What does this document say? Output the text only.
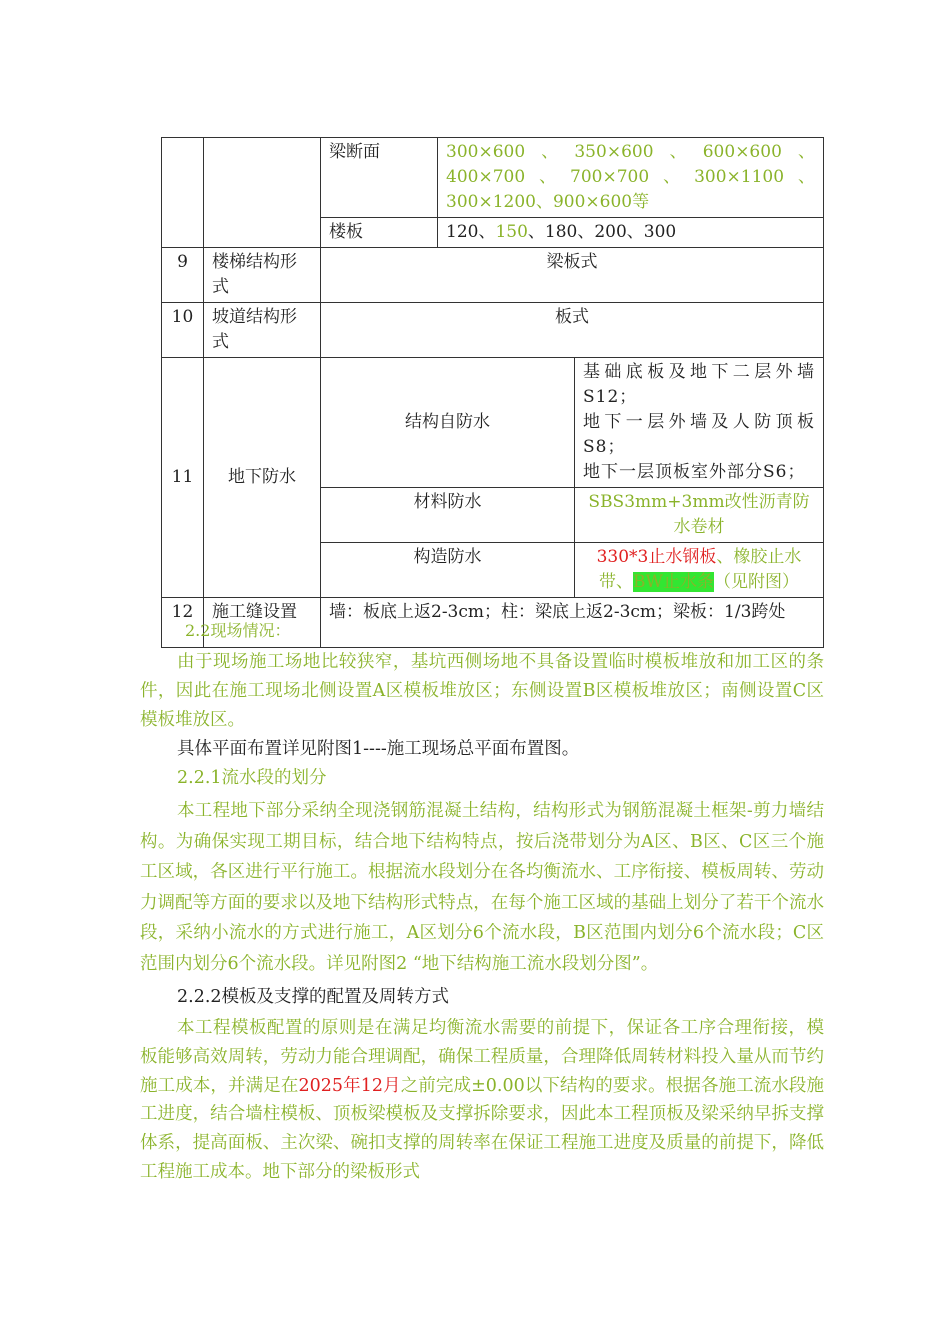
		梁断面	300×600、350×600、600×600、400×700、700×700、300×1100、300×1200、900×600等	
		楼板	120、150、180、200、300	
9	楼梯结构形式	梁板式		
10	坡道结构形式	板式		
11	地下防水	结构自防水		基础底板及地下二层外墙S12；
地下一层外墙及人防顶板S8；
地下一层顶板室外部分S6；

		材料防水		SBS3mm+3mm改性沥青防水卷材
		构造防水		330*3止水钢板、橡胶止水带、BW止水条（见附图）
12	施工缝设置	墙：板底上返2-3cm；柱：梁底上返2-3cm；梁板：1/3跨处		

2.2现场情况：

由于现场施工场地比较狭窄，基坑西侧场地不具备设置临时模板堆放和加工区的条件，因此在施工现场北侧设置A区模板堆放区；东侧设置B区模板堆放区；南侧设置C区模板堆放区。

具体平面布置详见附图1----施工现场总平面布置图。

2.2.1流水段的划分

本工程地下部分采纳全现浇钢筋混凝土结构，结构形式为钢筋混凝土框架-剪力墙结构。为确保实现工期目标，结合地下结构特点，按后浇带划分为A区、B区、C区三个施工区域，各区进行平行施工。根据流水段划分在各均衡流水、工序衔接、模板周转、劳动力调配等方面的要求以及地下结构形式特点，在每个施工区域的基础上划分了若干个流水段，采纳小流水的方式进行施工，A区划分6个流水段，B区范围内划分6个流水段；C区范围内划分6个流水段。详见附图2 “地下结构施工流水段划分图”。

2.2.2模板及支撑的配置及周转方式

本工程模板配置的原则是在满足均衡流水需要的前提下，保证各工序合理衔接，模板能够高效周转，劳动力能合理调配，确保工程质量，合理降低周转材料投入量从而节约施工成本，并满足在2025年12月之前完成±0.00以下结构的要求。根据各施工流水段施工进度，结合墙柱模板、顶板梁模板及支撑拆除要求，因此本工程顶板及梁采纳早拆支撑体系，提高面板、主次梁、碗扣支撑的周转率在保证工程施工进度及质量的前提下，降低工程施工成本。地下部分的梁板形式
